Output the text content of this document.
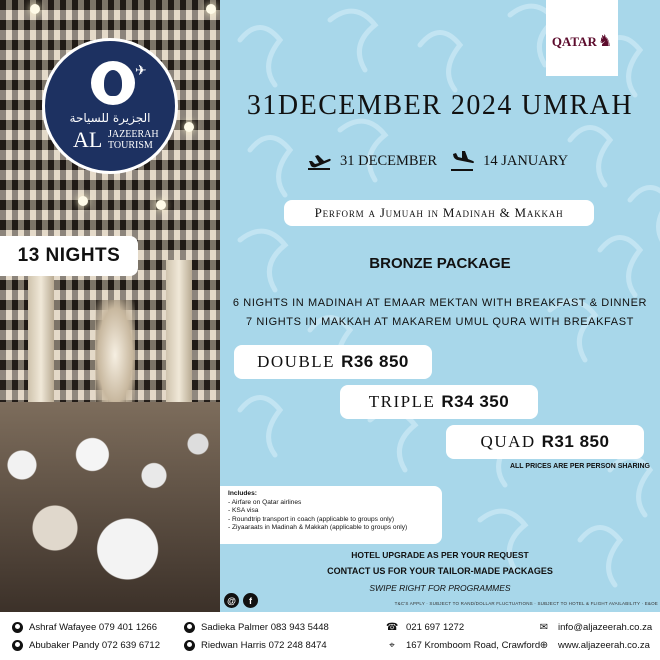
✈
الجزيرة للسياحة
AL JAZEERAH
TOURISM
13 NIGHTS
QATAR ♞
31DECEMBER 2024 UMRAH
31 DECEMBER	14 JANUARY
Perform a Jumuah in Madinah & Makkah
BRONZE PACKAGE
6 NIGHTS IN MADINAH AT EMAAR MEKTAN WITH BREAKFAST & DINNER
7 NIGHTS IN MAKKAH AT MAKAREM UMUL QURA WITH BREAKFAST
DOUBLE R36 850
TRIPLE R34 350
QUAD R31 850
ALL PRICES ARE PER PERSON SHARING
Includes:
- Airfare on Qatar airlines
- KSA visa
- Roundtrip transport in coach (applicable to groups only)
- Ziyaaraats in Madinah & Makkah (applicable to groups only)
@	f
HOTEL UPGRADE AS PER YOUR REQUEST
CONTACT US FOR YOUR TAILOR-MADE PACKAGES
SWIPE RIGHT FOR PROGRAMMES
T&C'S APPLY · SUBJECT TO RAND/DOLLAR FLUCTUATIONS · SUBJECT TO HOTEL & FLIGHT AVAILABILITY · E&OE
Ashraf Wafayee 079 401 1266
Abubaker Pandy 072 639 6712
Sadieka Palmer 083 943 5448
Riedwan Harris 072 248 8474
☎ 021 697 1272
⌖	167 Kromboom Road, Crawford
✉ info@aljazeerah.co.za
⊕ www.aljazeerah.co.za
